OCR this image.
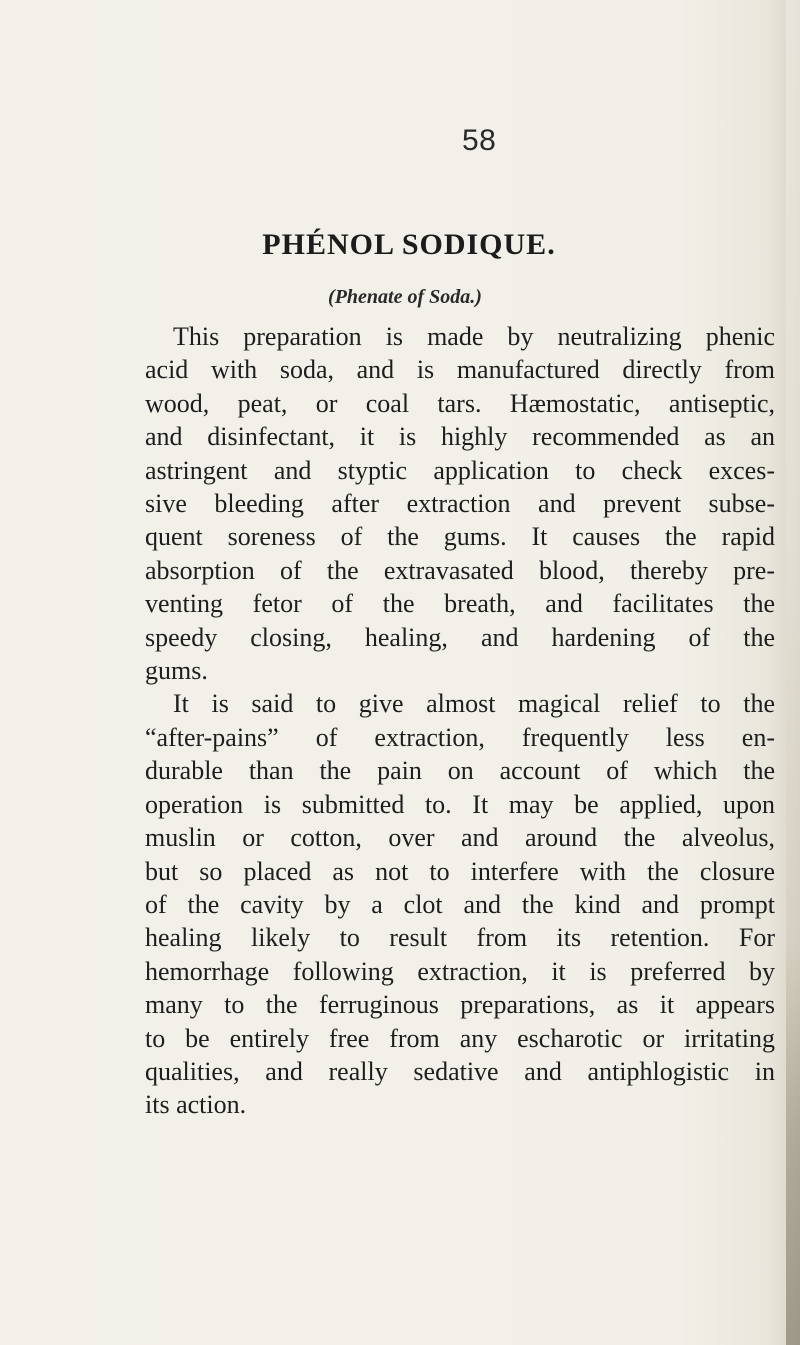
58
PHÉNOL SODIQUE.
(Phenate of Soda.)
This preparation is made by neutralizing phenic
acid with soda, and is manufactured directly from
wood, peat, or coal tars. Hæmostatic, antiseptic,
and disinfectant, it is highly recommended as an
astringent and styptic application to check exces-
sive bleeding after extraction and prevent subse-
quent soreness of the gums. It causes the rapid
absorption of the extravasated blood, thereby pre-
venting fetor of the breath, and facilitates the
speedy closing, healing, and hardening of the
gums.
It is said to give almost magical relief to the
“after-pains” of extraction, frequently less en-
durable than the pain on account of which the
operation is submitted to. It may be applied, upon
muslin or cotton, over and around the alveolus,
but so placed as not to interfere with the closure
of the cavity by a clot and the kind and prompt
healing likely to result from its retention. For
hemorrhage following extraction, it is preferred by
many to the ferruginous preparations, as it appears
to be entirely free from any escharotic or irritating
qualities, and really sedative and antiphlogistic in
its action.
